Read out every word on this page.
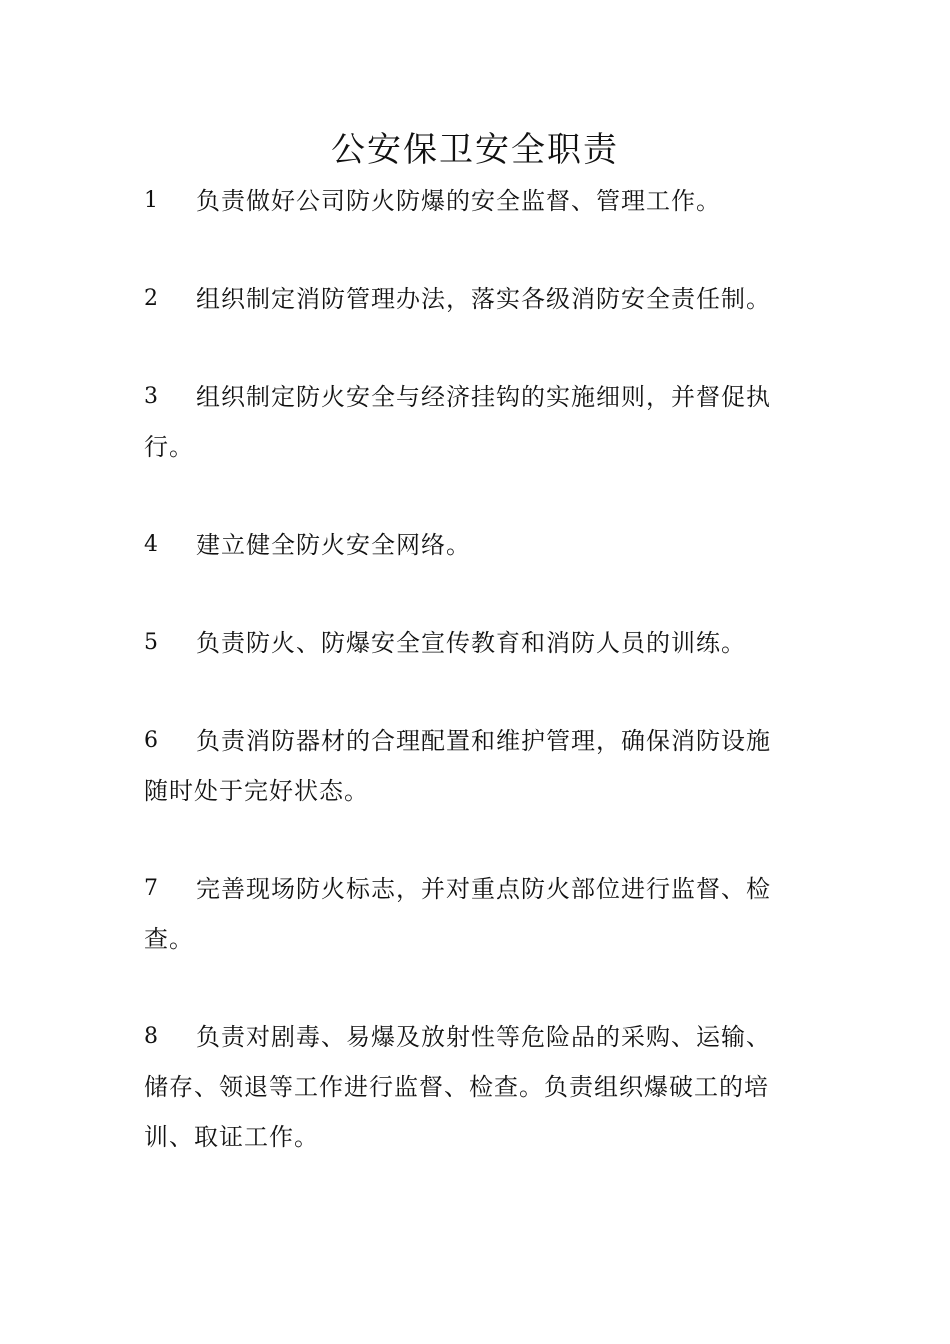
公安保卫安全职责
1	负责做好公司防火防爆的安全监督、管理工作。
2	组织制定消防管理办法，落实各级消防安全责任制。
3	组织制定防火安全与经济挂钩的实施细则，并督促执
行。
4	建立健全防火安全网络。
5	负责防火、防爆安全宣传教育和消防人员的训练。
6	负责消防器材的合理配置和维护管理，确保消防设施
随时处于完好状态。
7	完善现场防火标志，并对重点防火部位进行监督、检
查。
8	负责对剧毒、易爆及放射性等危险品的采购、运输、
储存、领退等工作进行监督、检查。负责组织爆破工的培
训、取证工作。
